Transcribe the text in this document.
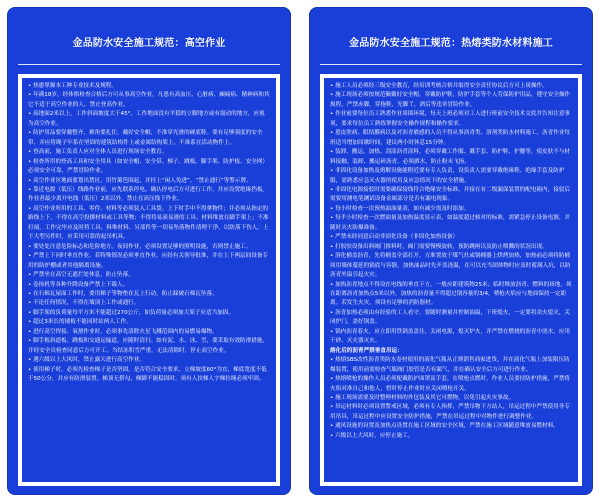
金品防水安全施工规范：高空作业

• 热愚掌握本工种专业技术及规程。

• 年满18岁，经体格检查合格后方可从事高空作业，凡患有高血压、心脏病、癫痫病、精神病和其它不适于高空作业的人，禁止登高作业。

• 高地面2米以上，工作斜面坡度大于45°，工作地面没有平稳的立脚地方或有震动的地方，应视为高空作业。

• 防护用品要穿戴整齐，裤角要扎住，戴好安全帽，不准穿光滑的硬底鞋。要有足够强度的安全带，并应将绳子牢系在坚固的建筑结构件上或金属结构架上，不准系在活动物件上。

• 登高前，施工负责人应对全体人员进行现场安全教育。

• 检查所用的登高工具和安全用具（如安全帽、安全带、梯子、跳板、脚手架、防护板、安全网）必须安全可靠，严禁冒险作业。

• 高空作业区地面要划出禁区，用竹篱笆围起，并挂上“闲人免进”、“禁止通行”等警示牌。

• 靠近电源（低压）线路作业前，应先联系停电。确认停电后方可进行工作，并应设置绝缘挡板。作业者最少离开电线（低压）2米以外，禁止在高压线下作业。

• 高空作业所用的工具、零件、材料等必须装入工具袋。上下时手中不得拿物件；并必须从指定的路线上下，不得在高空投掷材料或工具等物；不得将易滚易滑的工具、材料堆放在脚手架上；不准打闹。工作完毕应及时将工具、料堆材料、另部件等一切易坠落物件清理干净，以防落下伤人。上下大型另件时，应采用可靠的起吊机具。

• 要处处注意危险标志和危险地方。夜间作业，必须设置足够的照明设施，否则禁止施工。

• 严禁上下同时垂直作业。若特殊情况必须垂直作业，应经有关领导批准，并在上下两层间设备专用的防护棚或者其他隔离设施。

• 严禁坐在高空无遮拦处休息，防止坠落。

• 卷扬机等各种升降设备严禁上下载人。

• 在石棉瓦屋面工作时，要用梯子等物垫在瓦上行动，防止踩破石棉瓦坠落。

• 不论任何情况，不得在墙顶上工作或通行。

• 脚手架的负荷量每平方米不能超过270公斤，如负荷量必须加大架子应适当加固。

• 超过3米长的铺板不能同时站两人工作。

• 进行高空焊接、氧割作业时，必须事先清除火星飞溅范围内的易燃易爆物。

• 脚手板斜道板、跳板和交通运输道，应随时清扫。如有泥、水、冰、雪，要采取有效防滑措施，并经安全员检查同意后方可开工。当结冻积雪严重，无法清除时，停止高空作业。

• 遇六级以上大风时，禁止露天进行高空作业。

• 使用梯子时，必须先检查梯子是否坚固，是否符合安全要求。立梯坡度60°为宜，梯底宽度不低于50公分，并应有防滑装置。梯顶无搭勾，梯脚不能稳固时，须有人扶梯人字梯拉绳必须牢固。

金品防水安全施工规范：热熔类防水材料施工

• 施工人员必须经三级安全教育，经培训考核合格并取得安全责任协议后方可上岗操作。

• 施工现场必须按规范佩戴好安全帽，穿戴防护鞋，防护手套等个人劳保防护用品，遵守安全操作规程，严禁赤脚，穿拖鞋，光脚丫，酒后等违章冒险作业。

• 作业前要每位员工熟悉作业周围环境，每天上班必须对工人进行班前安全技术交底并告知注意事项，要求每位员工熟练掌握安全操作规程和操作要求。

• 患皮肤病、眼结膜病以及对沥青敏感的人员不得从事沥青类、溶剂类防水材料施工。沥青作业每班适当增加间歇时间，建议两小时休息15分钟。

• 装卸、搬运、加热、刮涂沥青涂料，必须穿戴工作服、戴手套、防护鞋、护腰等，使皮肤不与材料接触。装卸、搬运碎沥青，必须洒水，防止粉末飞扬。

• 非固化设备加热及熔解设施能附近要有专人负责，设负责人需要穿戴绝缘鞋、绝缘手套及防护服，需熟悉应急灭火器的使用及应急情况下的安全措施。

• 非固化电源接驳时需要确保接线符合绝缘安全标准，并接在有二级漏保装置的配电箱内，接驳后需要用测电笔测试设备金属部分是否有漏电现象。

• 每小时检查一次预热油油量表，如有减少需及时添加。

• 每半小时检查一次燃油量及加热温度显示表，如温度超过核对的标准，需紧急停止设备电源，并随时灭火防爆准备。

• 严禁未经同意启动非固化设备（非固化加热设备）

• 打胶胶设备出料阀门推料时，阀门需要慢慢旋转，预防跳闸以及防止喷溅的状况出现。

• 溶化桶盖沥青，先将桶盖全部打开，方准置放于煤气灶或锅桶器上烘烤加热，加热前必须将防桶周用墙体蔓延的锅底与容器，加热油品时先开盖浇温，在可以充当固体物时应及时蓄满入坑，以防沥青外溢引起火灾。

• 加热沥青地点不得设在电线的垂直下方，一般应距建筑物25米；临时堆放沥青、燃料的场地，须在距离沥青加热点5米以外，加热的沥青量不得超过锅容量的3/4，喷枪火焰应与地面保持一定距离。若发生火灾，须设有足够的消防器材。

• 沥青加热必须由有经验的工人看守，要随时测量并控制油温，下班熄火，一定要将余火熄灭，关闭炉门，盖好锅盖。

• 锅内沥青着火，应立即用铁锅盖盖住，关闭电源，熄灭炉火，并严禁在燃烧的沥青中浇水，应用干砂、灭火器灭火。

熔化后的沥青严禁垂直吊运：

• 热熔SBS改性沥青类防水卷材使用的液化气瓶从正规销售商家进货，并在液化气瓶上加装限压防爆装置，使用前需检查气瓶阀门胶管是否有漏气，并在确认安全后方可进行作业。

• 热熔喷枪的操作人员必须配戴防护面罩及手套，在喷枪点燃时，作业人员要持防护措施，严禁将火焰对准自己和他人，暂时停止作业时应关闭喷枪开关。

• 施工现场需要及时整理材料的外包装及其它可燃物，以免引起火灾事故。

• 吊运材料时必须设置警戒区域，必须有专人指挥，严禁吊物下方站人，吊运过程中严禁使用非专用吊具，吊运过程中应设置安全防护措施，严禁在吊运过程中对物件进行调整作业。

• 通风设施的设置及加热点设置在施工区域的安全区域，严禁在施工区域随意堆放易燃材料。

• 六级以上大风时，应停止施工。
